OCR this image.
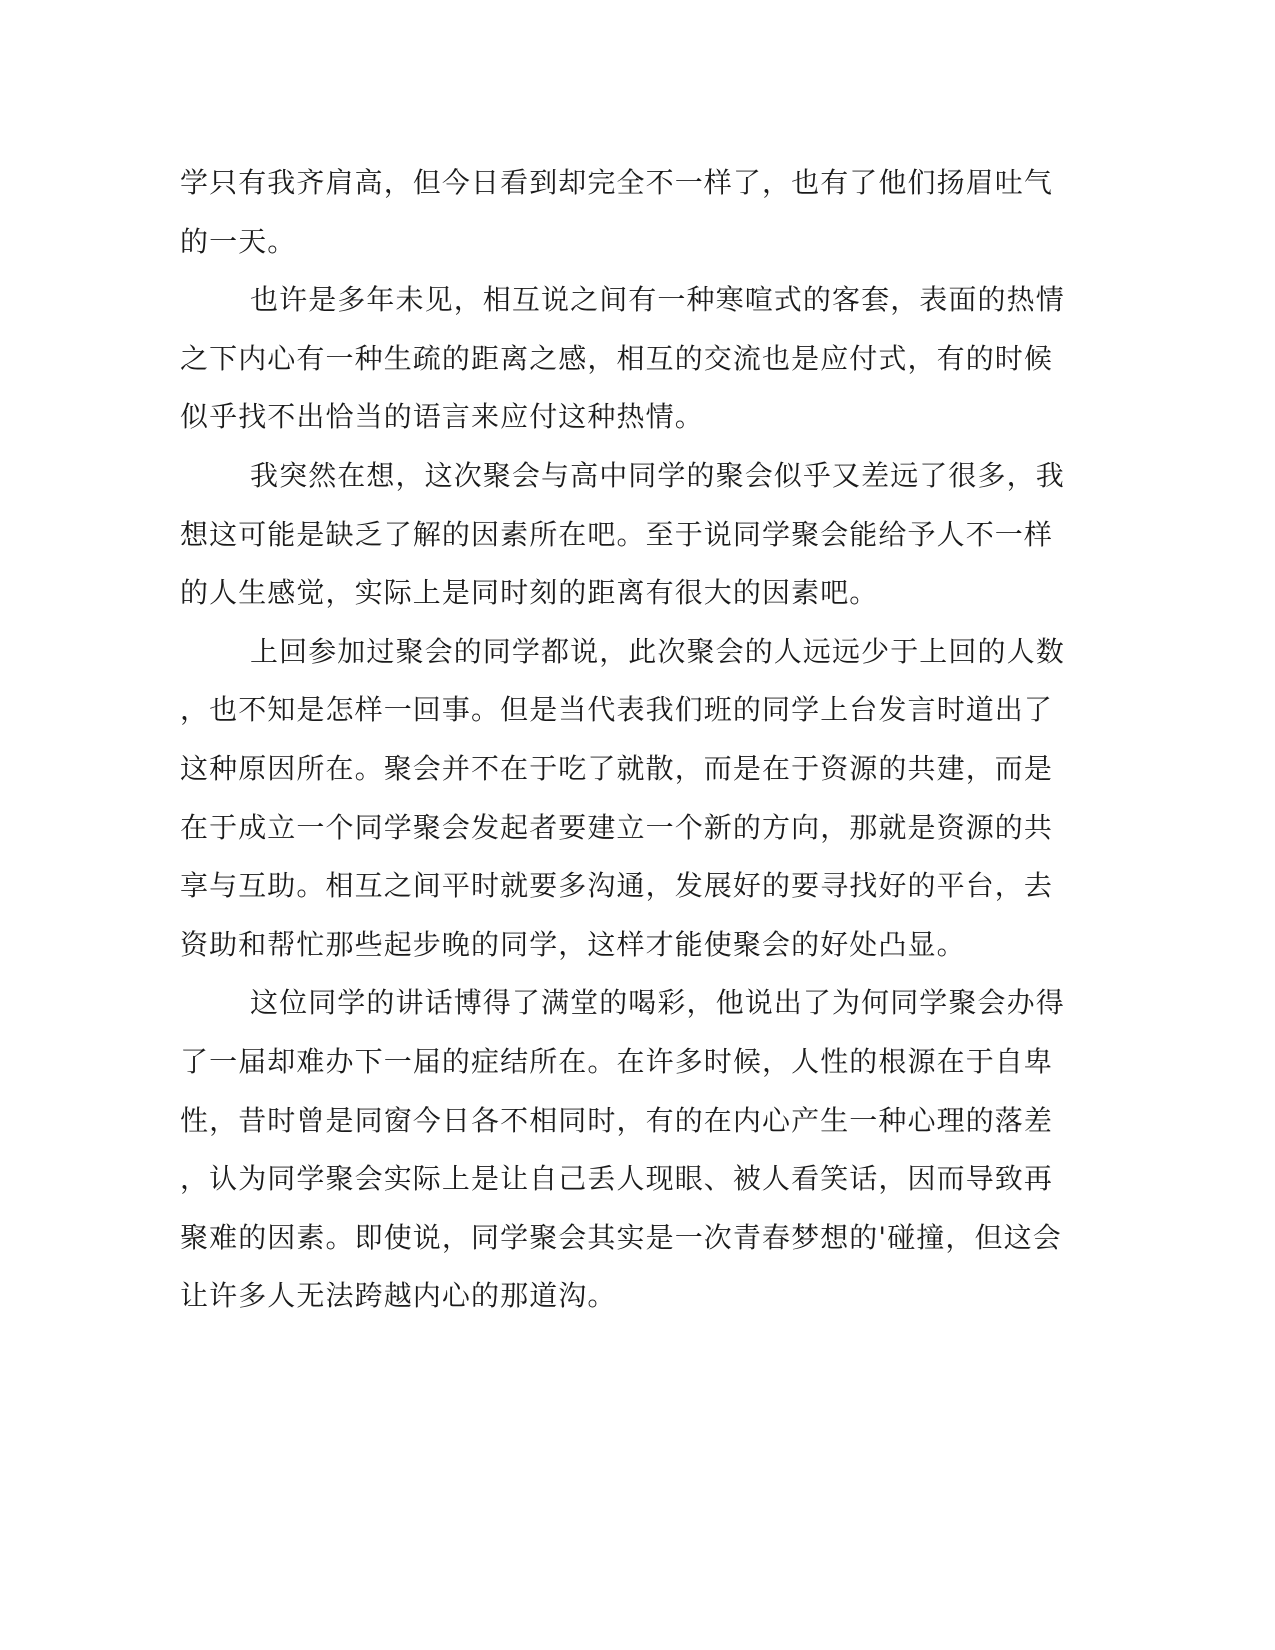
学只有我齐肩高，但今日看到却完全不一样了，也有了他们扬眉吐气
的一天。
也许是多年未见，相互说之间有一种寒喧式的客套，表面的热情
之下内心有一种生疏的距离之感，相互的交流也是应付式，有的时候
似乎找不出恰当的语言来应付这种热情。
我突然在想，这次聚会与高中同学的聚会似乎又差远了很多，我
想这可能是缺乏了解的因素所在吧。至于说同学聚会能给予人不一样
的人生感觉，实际上是同时刻的距离有很大的因素吧。
上回参加过聚会的同学都说，此次聚会的人远远少于上回的人数
，也不知是怎样一回事。但是当代表我们班的同学上台发言时道出了
这种原因所在。聚会并不在于吃了就散，而是在于资源的共建，而是
在于成立一个同学聚会发起者要建立一个新的方向，那就是资源的共
享与互助。相互之间平时就要多沟通，发展好的要寻找好的平台，去
资助和帮忙那些起步晚的同学，这样才能使聚会的好处凸显。
这位同学的讲话博得了满堂的喝彩，他说出了为何同学聚会办得
了一届却难办下一届的症结所在。在许多时候，人性的根源在于自卑
性，昔时曾是同窗今日各不相同时，有的在内心产生一种心理的落差
，认为同学聚会实际上是让自己丢人现眼、被人看笑话，因而导致再
聚难的因素。即使说，同学聚会其实是一次青春梦想的'碰撞，但这会
让许多人无法跨越内心的那道沟。
